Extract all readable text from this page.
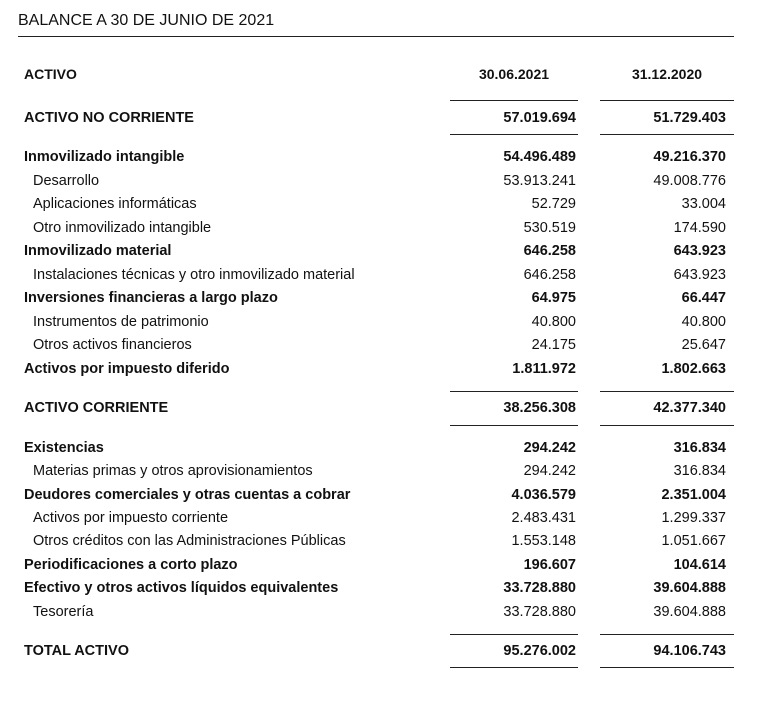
BALANCE A 30 DE JUNIO DE 2021
ACTIVO	30.06.2021	31.12.2020
ACTIVO NO CORRIENTE	57.019.694	51.729.403
Inmovilizado intangible	54.496.489	49.216.370
Desarrollo	53.913.241	49.008.776
Aplicaciones informáticas	52.729	33.004
Otro inmovilizado intangible	530.519	174.590
Inmovilizado material	646.258	643.923
Instalaciones técnicas y otro inmovilizado material	646.258	643.923
Inversiones financieras a largo plazo	64.975	66.447
Instrumentos de patrimonio	40.800	40.800
Otros activos financieros	24.175	25.647
Activos por impuesto diferido	1.811.972	1.802.663
ACTIVO CORRIENTE	38.256.308	42.377.340
Existencias	294.242	316.834
Materias primas y otros aprovisionamientos	294.242	316.834
Deudores comerciales y otras cuentas a cobrar	4.036.579	2.351.004
Activos por impuesto corriente	2.483.431	1.299.337
Otros créditos con las Administraciones Públicas	1.553.148	1.051.667
Periodificaciones a corto plazo	196.607	104.614
Efectivo y otros activos líquidos equivalentes	33.728.880	39.604.888
Tesorería	33.728.880	39.604.888
TOTAL ACTIVO	95.276.002	94.106.743
